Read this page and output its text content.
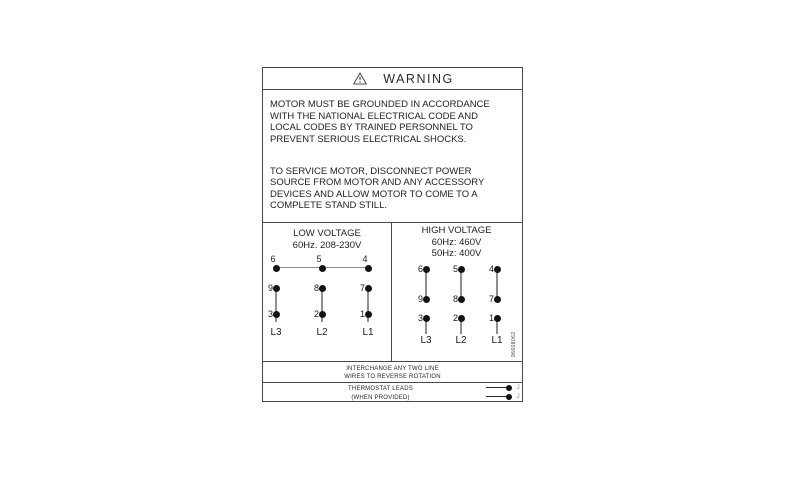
WARNING
MOTOR MUST BE GROUNDED IN ACCORDANCE
WITH THE NATIONAL ELECTRICAL CODE AND
LOCAL CODES BY TRAINED PERSONNEL TO
PREVENT SERIOUS ELECTRICAL SHOCKS.
TO SERVICE MOTOR, DISCONNECT POWER
SOURCE FROM MOTOR AND ANY ACCESSORY
DEVICES AND ALLOW MOTOR TO COME TO A
COMPLETE STAND STILL.
LOW VOLTAGE
60Hz. 208-230V
6	5	4
9	8	7
3	2	1
L3	L2	L1
HIGH VOLTAGE
60Hz: 460V
50Hz: 400V
6	5	4
9	8	7
3	2	1
L3	L2	L1	96608062
INTERCHANGE ANY TWO LINE
WIRES TO REVERSE ROTATION
THERMOSTAT LEADS
(WHEN PROVIDED)
J
J
